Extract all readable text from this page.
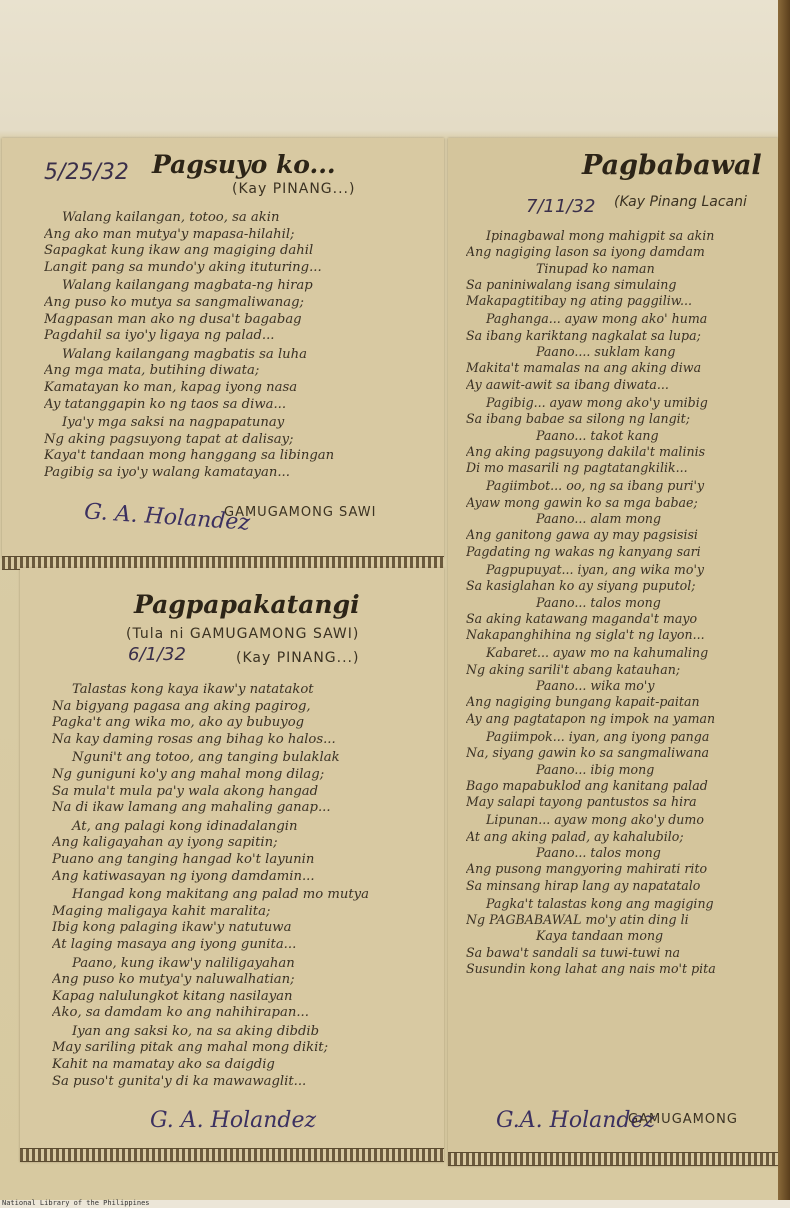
5/25/32 Pagsuyo ko...

(Kay PINANG...)

Walang kailangan, totoo, sa akin
Ang ako man mutya'y mapasa-hilahil;
Sapagkat kung ikaw ang magiging dahil
Langit pang sa mundo'y aking ituturing...
Walang kailangang magbata-ng hirap
Ang puso ko mutya sa sangmaliwanag;
Magpasan man ako ng dusa't bagabag
Pagdahil sa iyo'y ligaya ng palad...
Walang kailangang magbatis sa luha
Ang mga mata, butihing diwata;
Kamatayan ko man, kapag iyong nasa
Ay tatanggapin ko ng taos sa diwa...
Iya'y mga saksi na nagpapatunay
Ng aking pagsuyong tapat at dalisay;
Kaya't tandaan mong hanggang sa libingan
Pagibig sa iyo'y walang kamatayan...

G. A. Holandez

GAMUGAMONG SAWI

Pagpapakatangi

(Tula ni GAMUGAMONG SAWI)

6/1/32	(Kay PINANG...)

Talastas kong kaya ikaw'y natatakot
Na bigyang pagasa ang aking pagirog,
Pagka't ang wika mo, ako ay bubuyog
Na kay daming rosas ang bihag ko halos...
Nguni't ang totoo, ang tanging bulaklak
Ng guniguni ko'y ang mahal mong dilag;
Sa mula't mula pa'y wala akong hangad
Na di ikaw lamang ang mahaling ganap...
At, ang palagi kong idinadalangin
Ang kaligayahan ay iyong sapitin;
Puano ang tanging hangad ko't layunin
Ang katiwasayan ng iyong damdamin...
Hangad kong makitang ang palad mo mutya
Maging maligaya kahit maralita;
Ibig kong palaging ikaw'y natutuwa
At laging masaya ang iyong gunita...
Paano, kung ikaw'y naliligayahan
Ang puso ko mutya'y naluwalhatian;
Kapag nalulungkot kitang nasilayan
Ako, sa damdam ko ang nahihirapan...
Iyan ang saksi ko, na sa aking dibdib
May sariling pitak ang mahal mong dikit;
Kahit na mamatay ako sa daigdig
Sa puso't gunita'y di ka mawawaglit...

G. A. Holandez

Pagbabawal

7/11/32 (Kay Pinang Lacani

Ipinagbawal mong mahigpit sa akin
Ang nagiging lason sa iyong damdam
Tinupad ko naman
Sa paniniwalang isang simulaing
Makapagtitibay ng ating paggiliw...
Paghanga... ayaw mong ako' huma
Sa ibang kariktang nagkalat sa lupa;
Paano.... suklam kang
Makita't mamalas na ang aking diwa
Ay aawit-awit sa ibang diwata...
Pagibig... ayaw mong ako'y umibig
Sa ibang babae sa silong ng langit;
Paano... takot kang
Ang aking pagsuyong dakila't malinis
Di mo masarili ng pagtatangkilik...
Pagiimbot... oo, ng sa ibang puri'y
Ayaw mong gawin ko sa mga babae;
Paano... alam mong
Ang ganitong gawa ay may pagsisisi
Pagdating ng wakas ng kanyang sari
Pagpupuyat... iyan, ang wika mo'y
Sa kasiglahan ko ay siyang puputol;
Paano... talos mong
Sa aking katawang maganda't mayo
Nakapanghihina ng sigla't ng layon...
Kabaret... ayaw mo na kahumaling
Ng aking sarili't abang katauhan;
Paano... wika mo'y
Ang nagiging bungang kapait-paitan
Ay ang pagtatapon ng impok na yaman
Pagiimpok... iyan, ang iyong panga
Na, siyang gawin ko sa sangmaliwana
Paano... ibig mong
Bago mapabuklod ang kanitang palad
May salapi tayong pantustos sa hira
Lipunan... ayaw mong ako'y dumo
At ang aking palad, ay kahalubilo;
Paano... talos mong
Ang pusong mangyoring mahirati rito
Sa minsang hirap lang ay napatatalo
Pagka't talastas kong ang magiging
Ng PAGBABAWAL mo'y atin ding li
Kaya tandaan mong
Sa bawa't sandali sa tuwi-tuwi na
Susundin kong lahat ang nais mo't pita

G.A. Holandez

GAMUGAMONG

National Library of the Philippines
